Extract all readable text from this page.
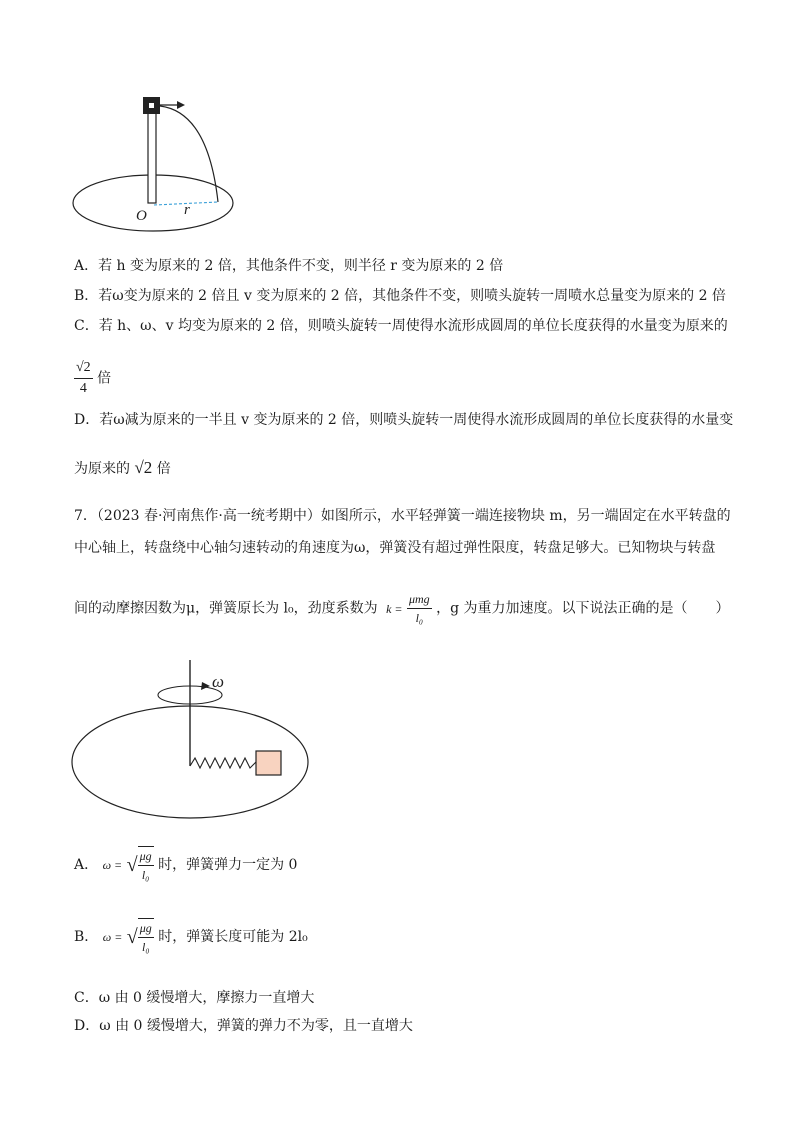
O r
A．若 h 变为原来的 2 倍，其他条件不变，则半径 r 变为原来的 2 倍
B．若ω变为原来的 2 倍且 v 变为原来的 2 倍，其他条件不变，则喷头旋转一周喷水总量变为原来的 2 倍
C．若 h、ω、v 均变为原来的 2 倍，则喷头旋转一周使得水流形成圆周的单位长度获得的水量变为原来的
$\frac{√2}{4}$ 倍
D．若ω减为原来的一半且 v 变为原来的 2 倍，则喷头旋转一周使得水流形成圆周的单位长度获得的水量变
为原来的 √2 倍
7．（2023 春·河南焦作·高一统考期中）如图所示，水平轻弹簧一端连接物块 m，另一端固定在水平转盘的
中心轴上，转盘绕中心轴匀速转动的角速度为ω，弹簧没有超过弹性限度，转盘足够大。已知物块与转盘
间的动摩擦因数为μ，弹簧原长为 l₀，劲度系数为 $k = \frac{\text{μmg}}{\text{l₀}}$ ，g 为重力加速度。以下说法正确的是（　　）
ω
A． ω = √ $\frac{\mu g}{\text{l₀}}$ 时，弹簧弹力一定为 0
B． ω = √ $\frac{\mu g}{\text{l₀}}$ 时，弹簧长度可能为 2l₀
C．ω 由 0 缓慢增大，摩擦力一直增大
D．ω 由 0 缓慢增大，弹簧的弹力不为零，且一直增大
